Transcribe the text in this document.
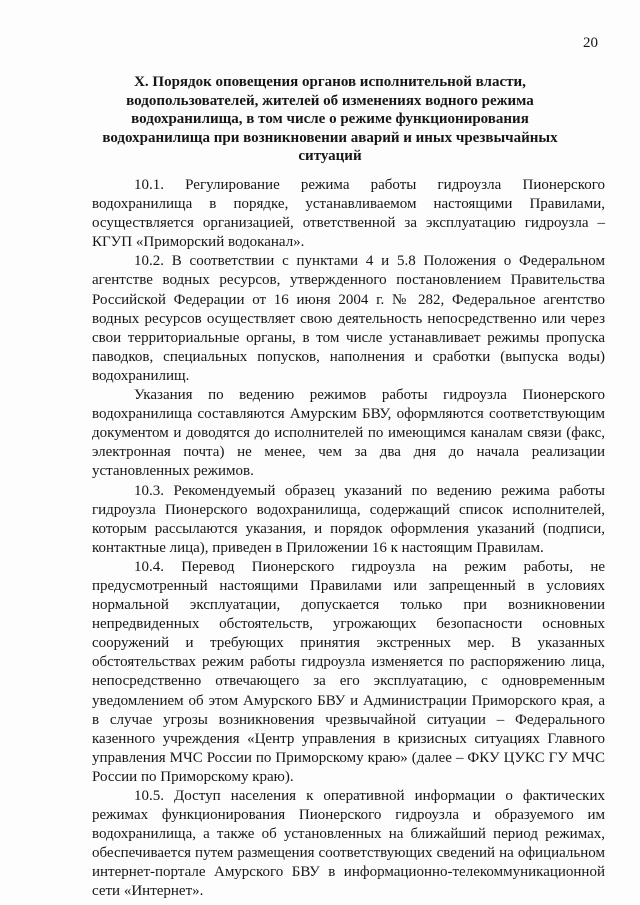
20
X. Порядок оповещения органов исполнительной власти, водопользователей, жителей об изменениях водного режима водохранилища, в том числе о режиме функционирования водохранилища при возникновении аварий и иных чрезвычайных ситуаций

10.1. Регулирование режима работы гидроузла Пионерского водохранилища в порядке, устанавливаемом настоящими Правилами, осуществляется организацией, ответственной за эксплуатацию гидроузла – КГУП «Приморский водоканал».

10.2. В соответствии с пунктами 4 и 5.8 Положения о Федеральном агентстве водных ресурсов, утвержденного постановлением Правительства Российской Федерации от 16 июня 2004 г. № 282, Федеральное агентство водных ресурсов осуществляет свою деятельность непосредственно или через свои территориальные органы, в том числе устанавливает режимы пропуска паводков, специальных попусков, наполнения и сработки (выпуска воды) водохранилищ.

Указания по ведению режимов работы гидроузла Пионерского водохранилища составляются Амурским БВУ, оформляются соответствующим документом и доводятся до исполнителей по имеющимся каналам связи (факс, электронная почта) не менее, чем за два дня до начала реализации установленных режимов.

10.3. Рекомендуемый образец указаний по ведению режима работы гидроузла Пионерского водохранилища, содержащий список исполнителей, которым рассылаются указания, и порядок оформления указаний (подписи, контактные лица), приведен в Приложении 16 к настоящим Правилам.

10.4. Перевод Пионерского гидроузла на режим работы, не предусмотренный настоящими Правилами или запрещенный в условиях нормальной эксплуатации, допускается только при возникновении непредвиденных обстоятельств, угрожающих безопасности основных сооружений и требующих принятия экстренных мер. В указанных обстоятельствах режим работы гидроузла изменяется по распоряжению лица, непосредственно отвечающего за его эксплуатацию, с одновременным уведомлением об этом Амурского БВУ и Администрации Приморского края, а в случае угрозы возникновения чрезвычайной ситуации – Федерального казенного учреждения «Центр управления в кризисных ситуациях Главного управления МЧС России по Приморскому краю» (далее – ФКУ ЦУКС ГУ МЧС России по Приморскому краю).

10.5. Доступ населения к оперативной информации о фактических режимах функционирования Пионерского гидроузла и образуемого им водохранилища, а также об установленных на ближайший период режимах, обеспечивается путем размещения соответствующих сведений на официальном интернет-портале Амурского БВУ в информационно-телекоммуникационной сети «Интернет».
